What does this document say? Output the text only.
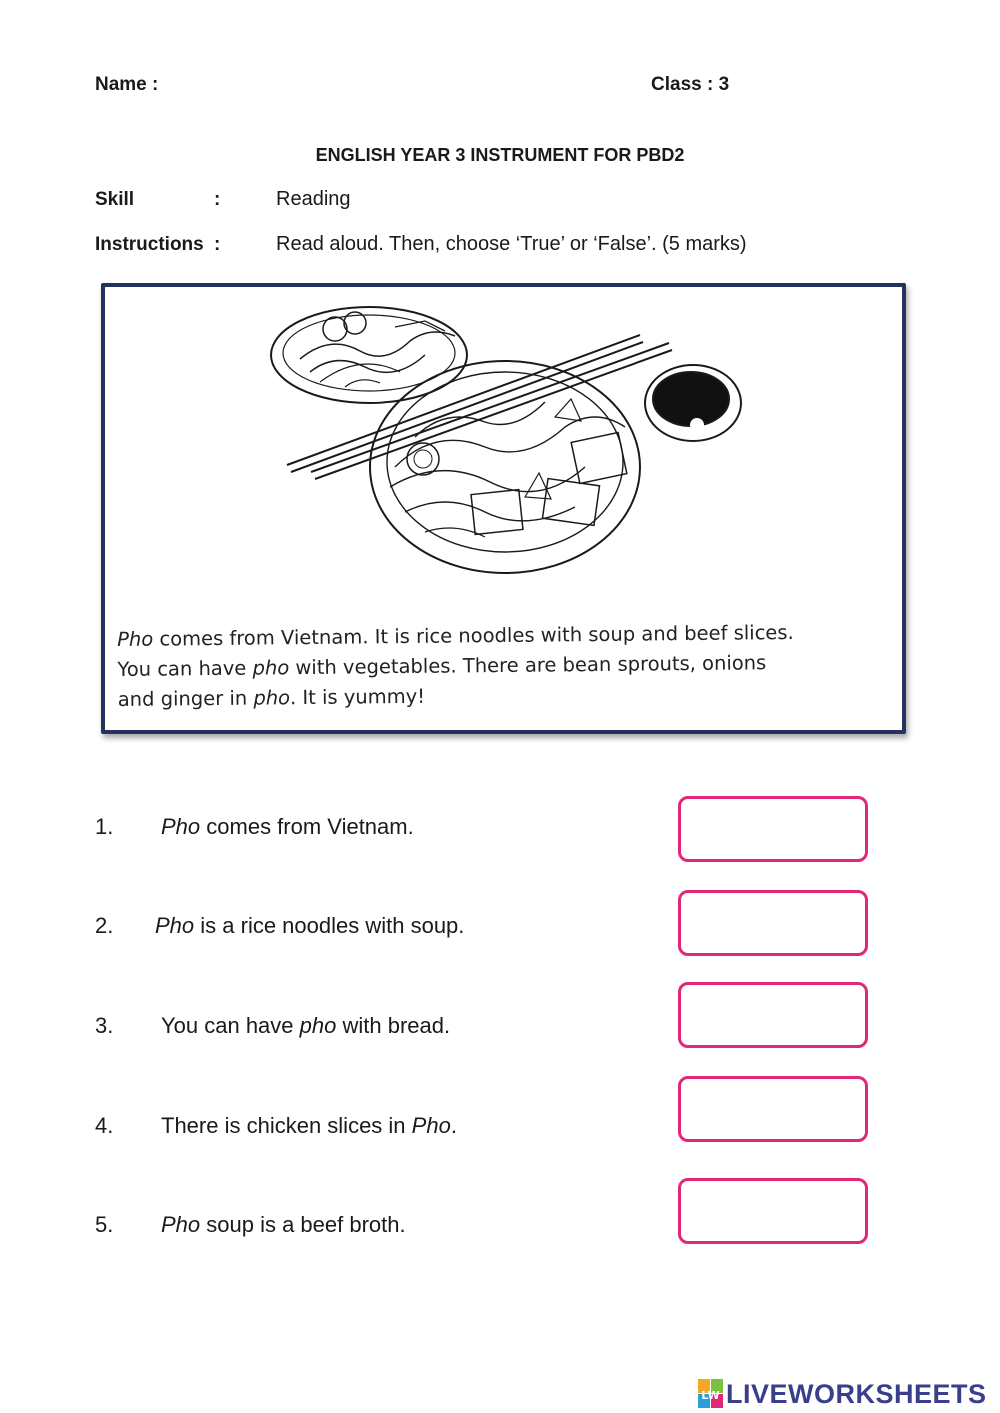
Name :	Class : 3
ENGLISH YEAR 3 INSTRUMENT FOR PBD2
Skill	:	Reading
Instructions :	Read aloud. Then, choose ‘True’ or ‘False’. (5 marks)
Pho comes from Vietnam. It is rice noodles with soup and beef slices.
You can have pho with vegetables. There are bean sprouts, onions
and ginger in pho. It is yummy!
1. Pho comes from Vietnam.
2. Pho is a rice noodles with soup.
3. You can have pho with bread.
4. There is chicken slices in Pho.
5. Pho soup is a beef broth.
LW LIVEWORKSHEETS
